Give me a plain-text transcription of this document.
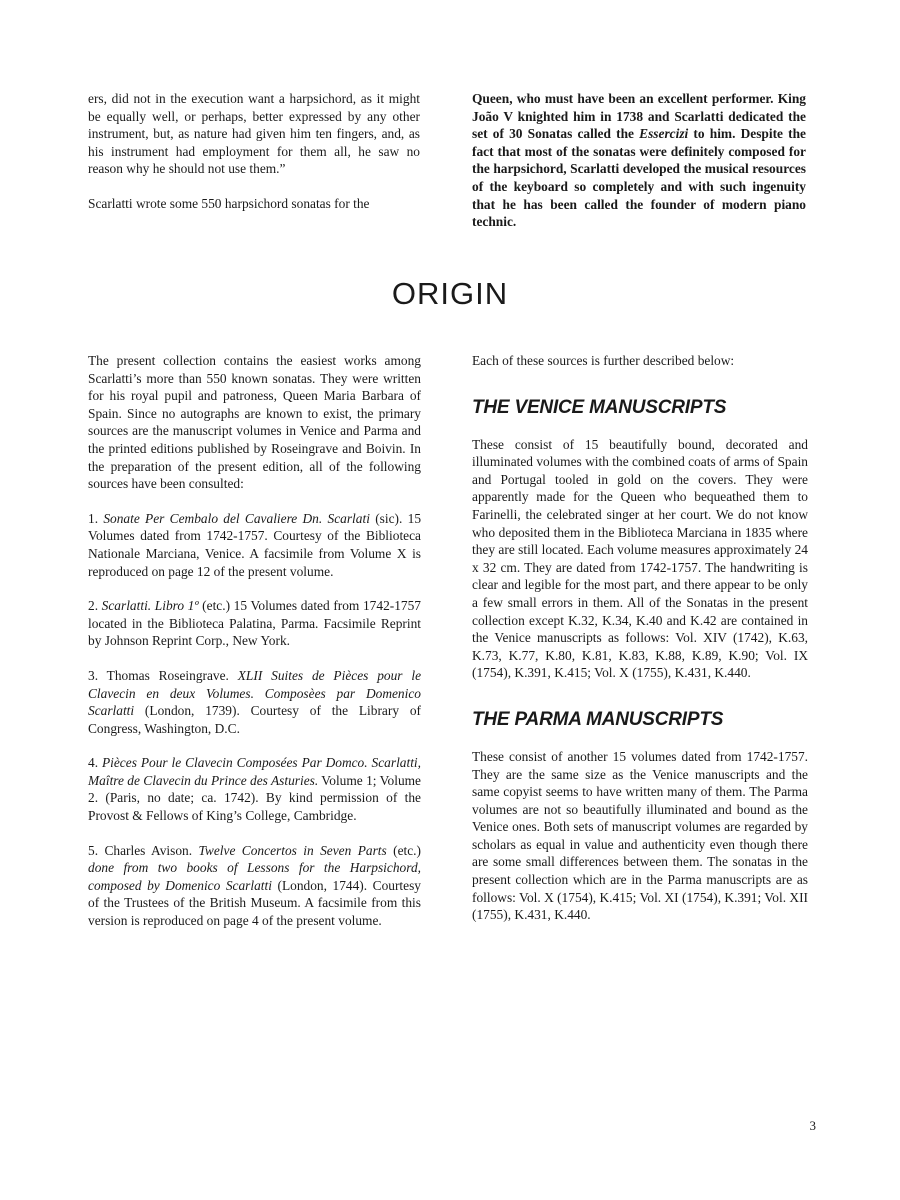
ers, did not in the execution want a harpsichord, as it might be equally well, or perhaps, better expressed by any other instrument, but, as nature had given him ten fingers, and, as his instrument had employment for them all, he saw no reason why he should not use them.”

Scarlatti wrote some 550 harpsichord sonatas for the

Queen, who must have been an excellent performer. King João V knighted him in 1738 and Scarlatti dedicated the set of 30 Sonatas called the Essercizi to him. Despite the fact that most of the sonatas were definitely composed for the harpsichord, Scarlatti developed the musical resources of the keyboard so completely and with such ingenuity that he has been called the founder of modern piano technic.

ORIGIN

The present collection contains the easiest works among Scarlatti’s more than 550 known sonatas. They were written for his royal pupil and patroness, Queen Maria Barbara of Spain. Since no autographs are known to exist, the primary sources are the manuscript volumes in Venice and Parma and the printed editions published by Roseingrave and Boivin. In the preparation of the present edition, all of the following sources have been consulted:

1. Sonate Per Cembalo del Cavaliere Dn. Scarlati (sic). 15 Volumes dated from 1742-1757. Courtesy of the Biblioteca Nationale Marciana, Venice. A facsimile from Volume X is reproduced on page 12 of the present volume.

2. Scarlatti. Libro 1º (etc.) 15 Volumes dated from 1742-1757 located in the Biblioteca Palatina, Parma. Facsimile Reprint by Johnson Reprint Corp., New York.

3. Thomas Roseingrave. XLII Suites de Pièces pour le Clavecin en deux Volumes. Composèes par Domenico Scarlatti (London, 1739). Courtesy of the Library of Congress, Washington, D.C.

4. Pièces Pour le Clavecin Composées Par Domco. Scarlatti, Maître de Clavecin du Prince des Asturies. Volume 1; Volume 2. (Paris, no date; ca. 1742). By kind permission of the Provost & Fellows of King’s College, Cambridge.

5. Charles Avison. Twelve Concertos in Seven Parts (etc.) done from two books of Lessons for the Harpsichord, composed by Domenico Scarlatti (London, 1744). Courtesy of the Trustees of the British Museum. A facsimile from this version is reproduced on page 4 of the present volume.

Each of these sources is further described below:

THE VENICE MANUSCRIPTS

These consist of 15 beautifully bound, decorated and illuminated volumes with the combined coats of arms of Spain and Portugal tooled in gold on the covers. They were apparently made for the Queen who bequeathed them to Farinelli, the celebrated singer at her court. We do not know who deposited them in the Biblioteca Marciana in 1835 where they are still located. Each volume measures approximately 24 x 32 cm. They are dated from 1742-1757. The handwriting is clear and legible for the most part, and there appear to be only a few small errors in them. All of the Sonatas in the present collection except K.32, K.34, K.40 and K.42 are contained in the Venice manuscripts as follows: Vol. XIV (1742), K.63, K.73, K.77, K.80, K.81, K.83, K.88, K.89, K.90; Vol. IX (1754), K.391, K.415; Vol. X (1755), K.431, K.440.

THE PARMA MANUSCRIPTS

These consist of another 15 volumes dated from 1742-1757. They are the same size as the Venice manuscripts and the same copyist seems to have written many of them. The Parma volumes are not so beautifully illuminated and bound as the Venice ones. Both sets of manuscript volumes are regarded by scholars as equal in value and authenticity even though there are some small differences between them. The sonatas in the present collection which are in the Parma manuscripts are as follows: Vol. X (1754), K.415; Vol. XI (1754), K.391; Vol. XII (1755), K.431, K.440.

3
